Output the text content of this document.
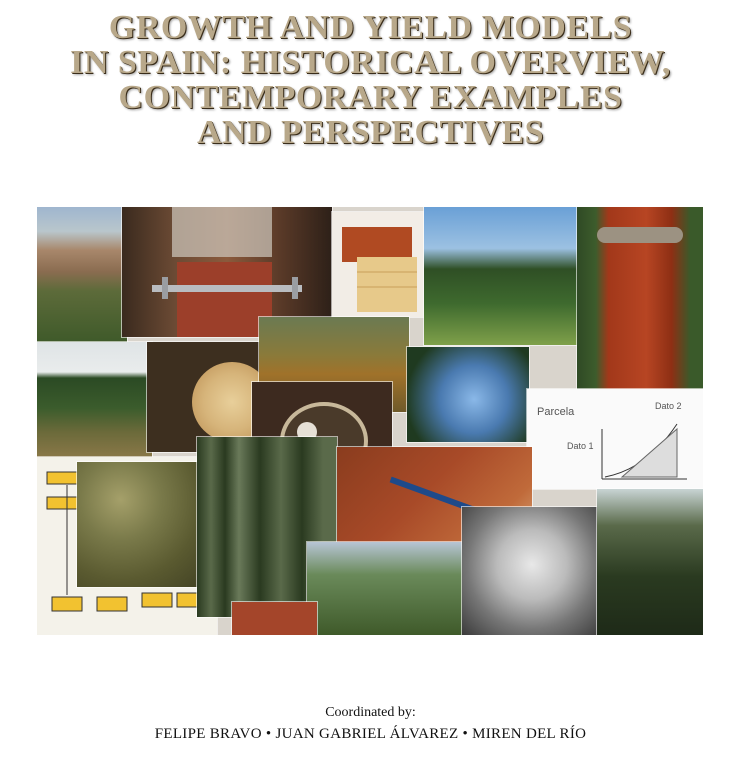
GROWTH AND YIELD MODELS
IN SPAIN: HISTORICAL OVERVIEW,
CONTEMPORARY EXAMPLES
AND PERSPECTIVES
Parcela
Dato 1
Dato 2
Coordinated by:
FELIPE BRAVO • JUAN GABRIEL ÁLVAREZ • MIREN DEL RÍO
